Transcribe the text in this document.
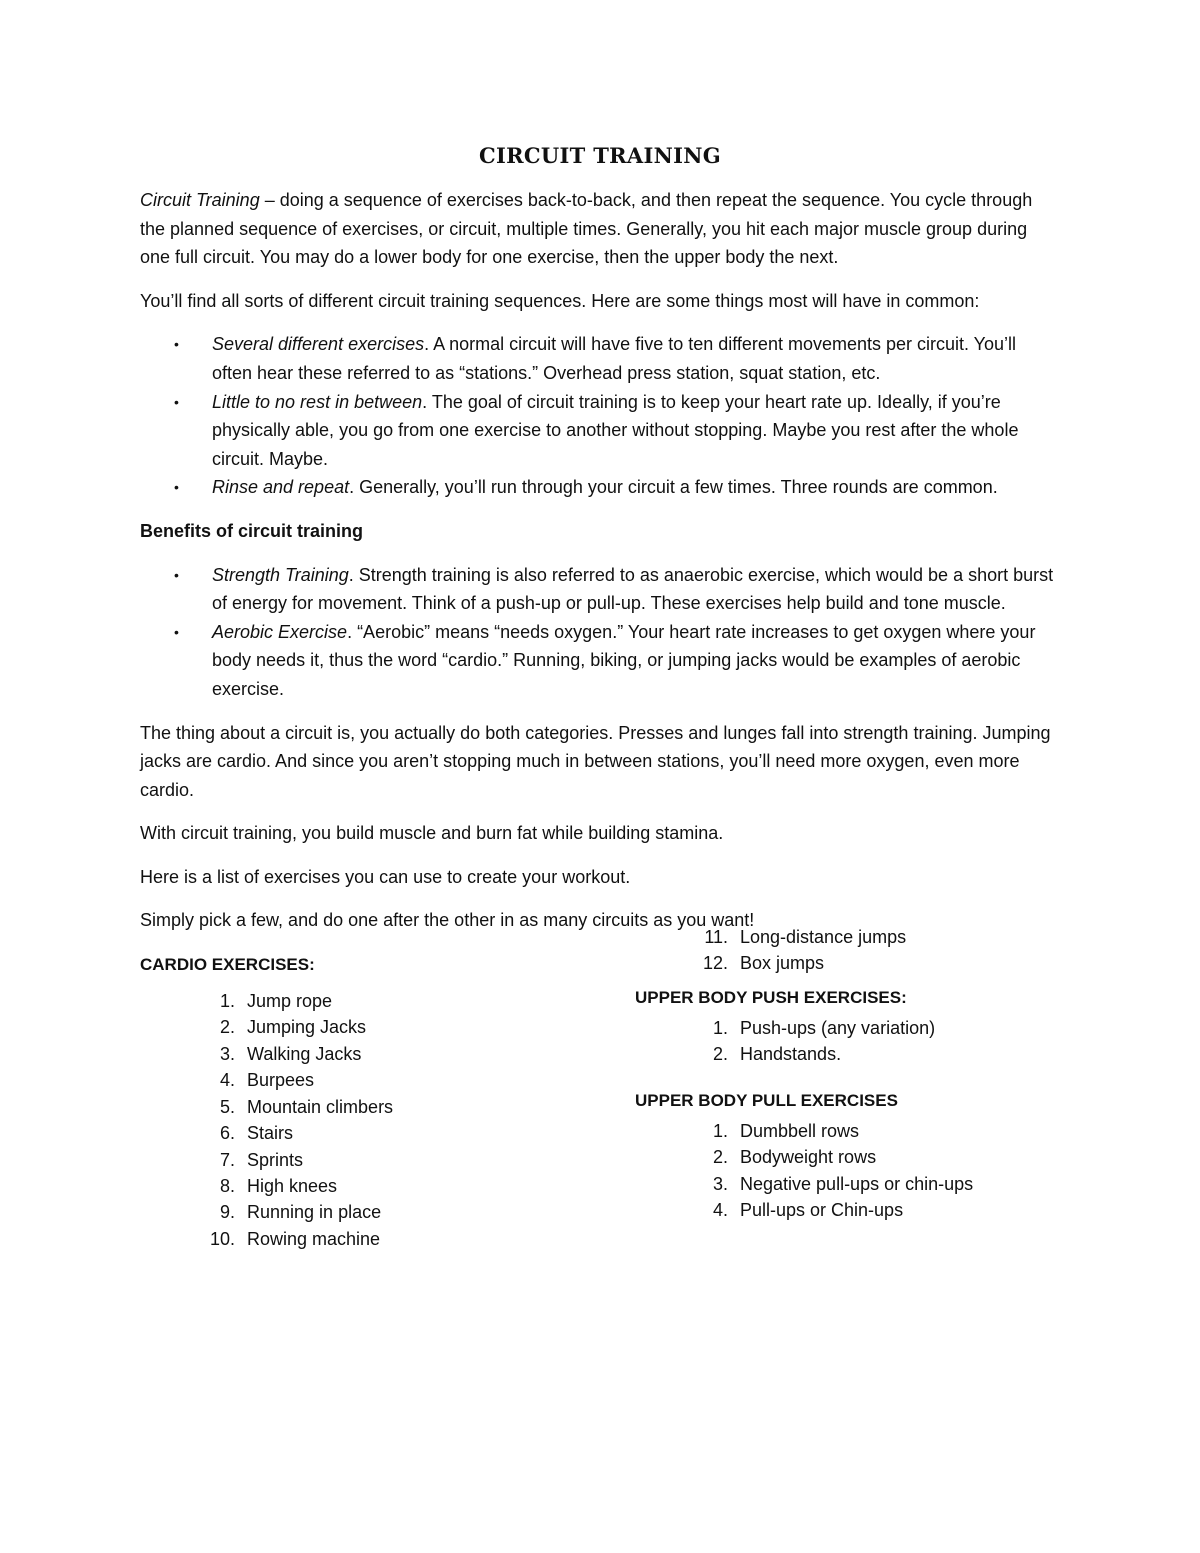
CIRCUIT TRAINING

Circuit Training – doing a sequence of exercises back-to-back, and then repeat the sequence. You cycle through the planned sequence of exercises, or circuit, multiple times. Generally, you hit each major muscle group during one full circuit. You may do a lower body for one exercise, then the upper body the next.

You’ll find all sorts of different circuit training sequences. Here are some things most will have in common:

• Several different exercises. A normal circuit will have five to ten different movements per circuit. You’ll often hear these referred to as “stations.” Overhead press station, squat station, etc.
• Little to no rest in between. The goal of circuit training is to keep your heart rate up. Ideally, if you’re physically able, you go from one exercise to another without stopping. Maybe you rest after the whole circuit. Maybe.
• Rinse and repeat. Generally, you’ll run through your circuit a few times. Three rounds are common.
Benefits of circuit training
• Strength Training. Strength training is also referred to as anaerobic exercise, which would be a short burst of energy for movement. Think of a push-up or pull-up. These exercises help build and tone muscle.
• Aerobic Exercise. “Aerobic” means “needs oxygen.” Your heart rate increases to get oxygen where your body needs it, thus the word “cardio.” Running, biking, or jumping jacks would be examples of aerobic exercise.

The thing about a circuit is, you actually do both categories. Presses and lunges fall into strength training. Jumping jacks are cardio. And since you aren’t stopping much in between stations, you’ll need more oxygen, even more cardio.

With circuit training, you build muscle and burn fat while building stamina.

Here is a list of exercises you can use to create your workout.

Simply pick a few, and do one after the other in as many circuits as you want!

CARDIO EXERCISES:
1. Jump rope
2. Jumping Jacks
3. Walking Jacks
4. Burpees
5. Mountain climbers
6. Stairs
7. Sprints
8. High knees
9. Running in place
10. Rowing machine
11. Long-distance jumps
12. Box jumps
UPPER BODY PUSH EXERCISES:
1. Push-ups (any variation)
2. Handstands.
UPPER BODY PULL EXERCISES
1. Dumbbell rows
2. Bodyweight rows
3. Negative pull-ups or chin-ups
4. Pull-ups or Chin-ups
